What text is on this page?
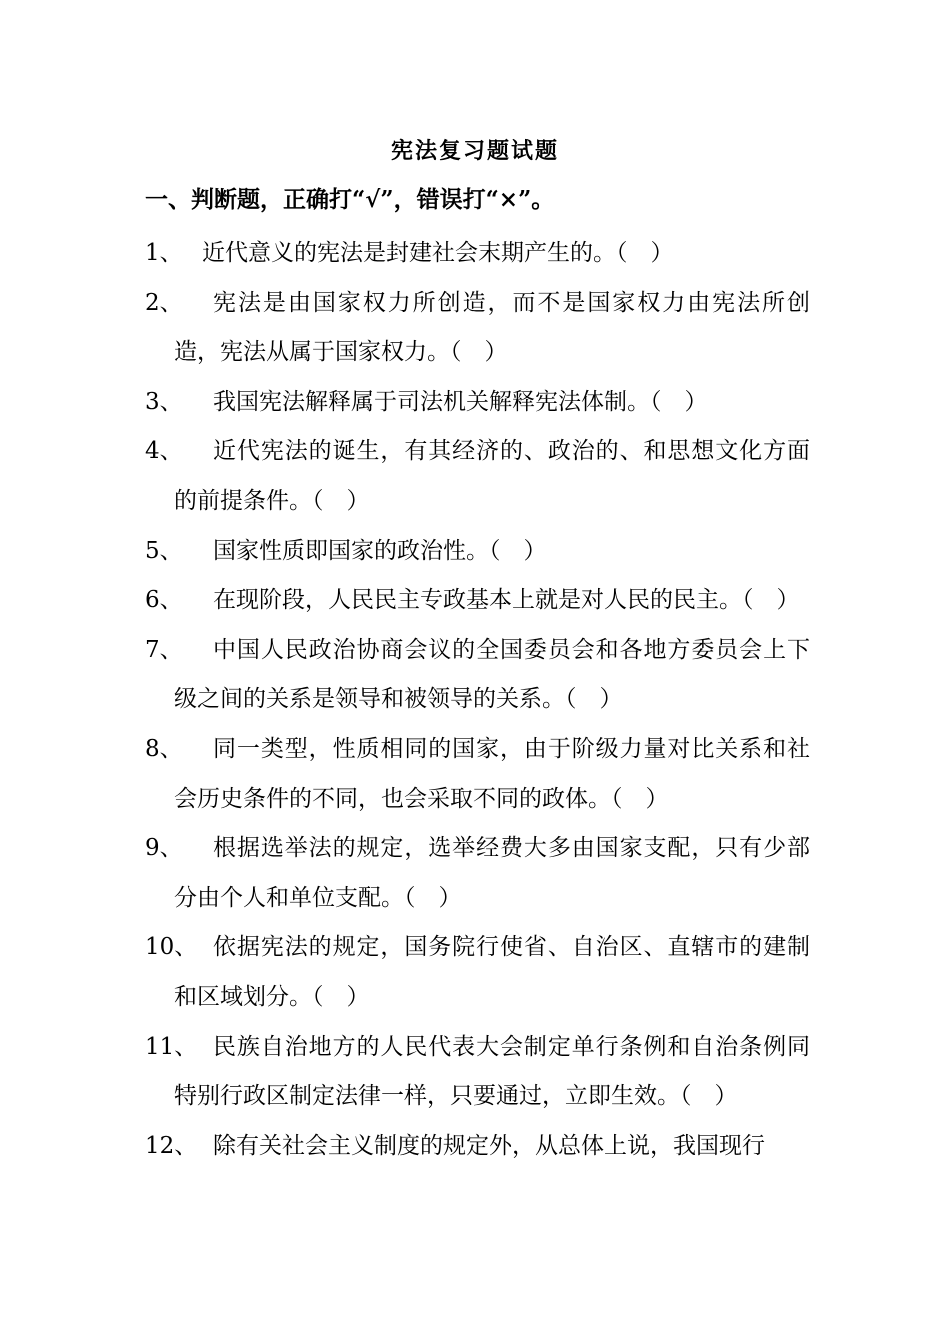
宪法复习题试题
一、判断题，正确打“√”，错误打“×”。
1、 近代意义的宪法是封建社会末期产生的。（　）
2、	宪法是由国家权力所创造，而不是国家权力由宪法所创造，宪法从属于国家权力。（　）
3、	我国宪法解释属于司法机关解释宪法体制。（　）
4、	近代宪法的诞生，有其经济的、政治的、和思想文化方面的前提条件。（　）
5、	国家性质即国家的政治性。（　）
6、	在现阶段，人民民主专政基本上就是对人民的民主。（　）
7、	中国人民政治协商会议的全国委员会和各地方委员会上下级之间的关系是领导和被领导的关系。（　）
8、	同一类型，性质相同的国家，由于阶级力量对比关系和社会历史条件的不同，也会采取不同的政体。（　）
9、	根据选举法的规定，选举经费大多由国家支配，只有少部分由个人和单位支配。（　）
10、 依据宪法的规定，国务院行使省、自治区、直辖市的建制和区域划分。（　）
11、 民族自治地方的人民代表大会制定单行条例和自治条例同特别行政区制定法律一样，只要通过，立即生效。（　）
12、 除有关社会主义制度的规定外，从总体上说，我国现行
